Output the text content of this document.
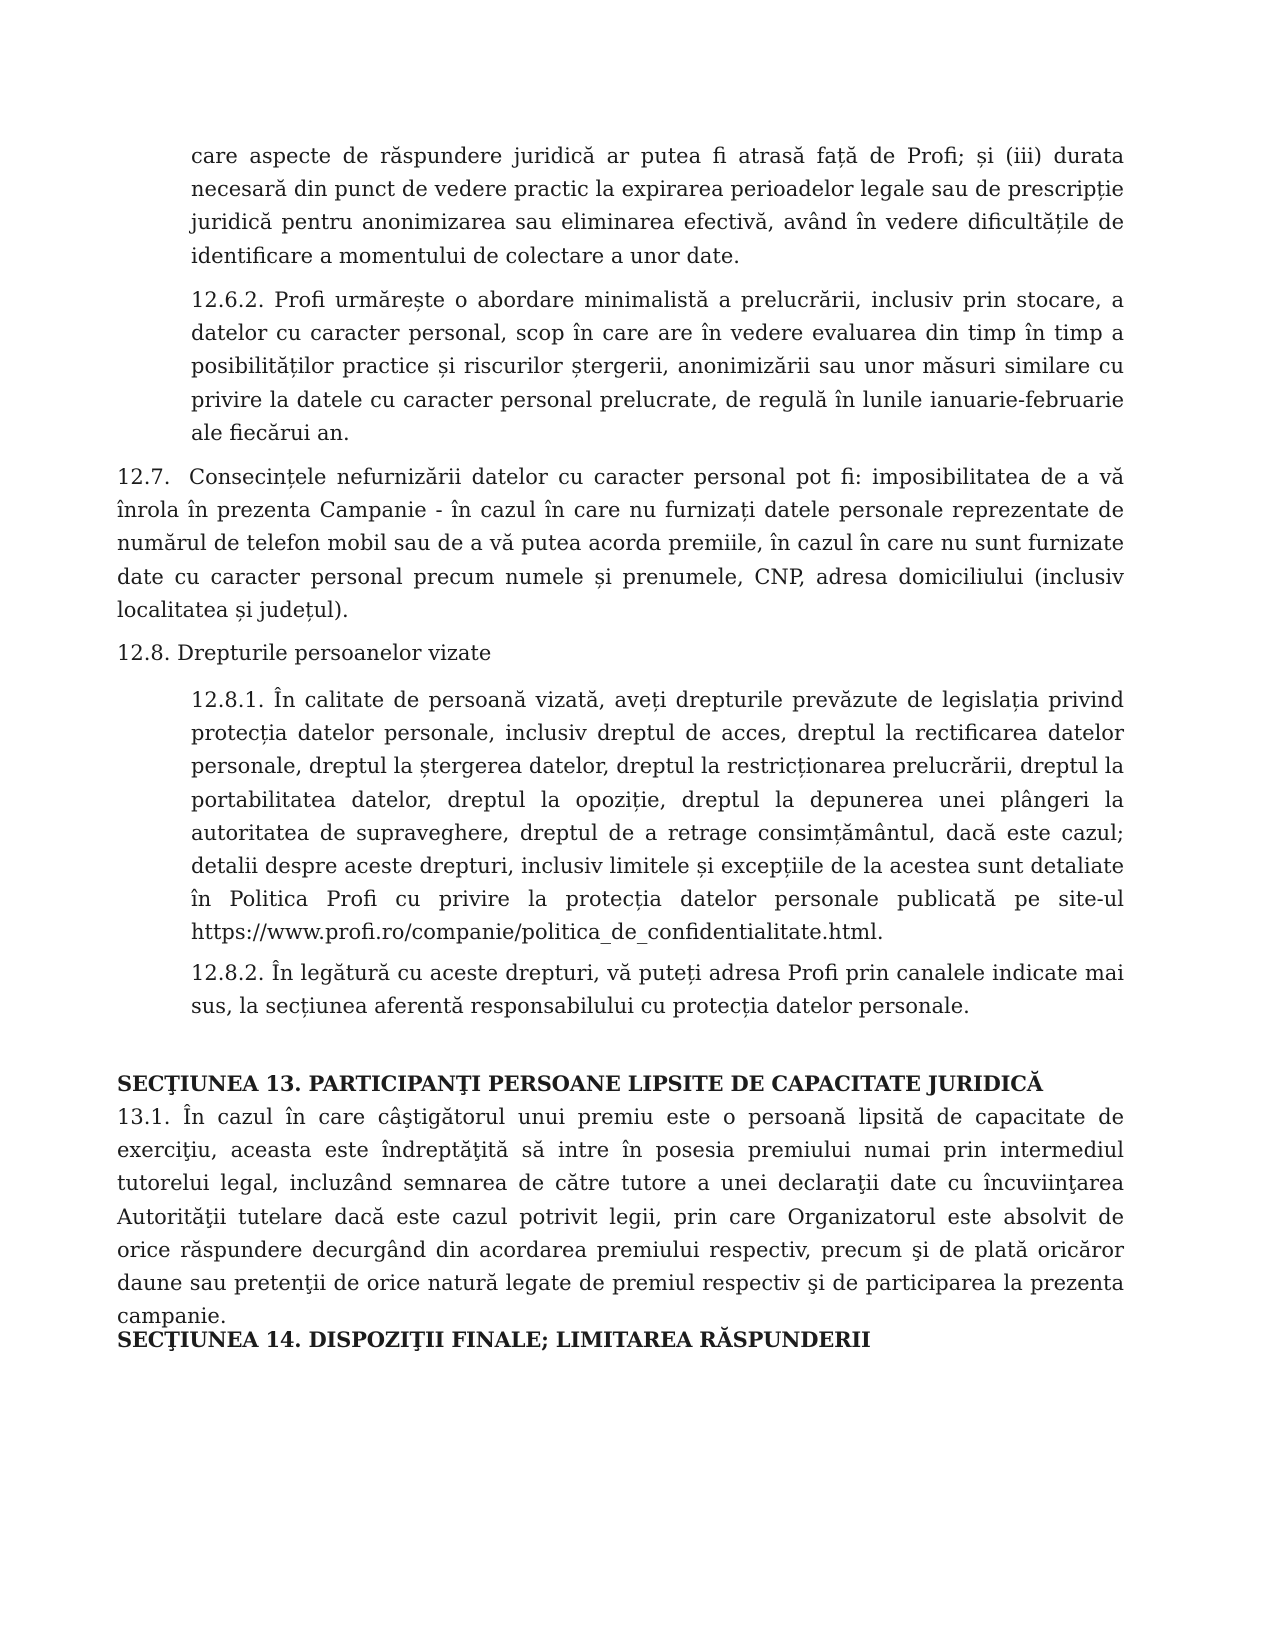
care aspecte de răspundere juridică ar putea fi atrasă față de Profi; și (iii) durata necesară din punct de vedere practic la expirarea perioadelor legale sau de prescripție juridică pentru anonimizarea sau eliminarea efectivă, având în vedere dificultățile de identificare a momentului de colectare a unor date.

12.6.2. Profi urmărește o abordare minimalistă a prelucrării, inclusiv prin stocare, a datelor cu caracter personal, scop în care are în vedere evaluarea din timp în timp a posibilităților practice și riscurilor ștergerii, anonimizării sau unor măsuri similare cu privire la datele cu caracter personal prelucrate, de regulă în lunile ianuarie-februarie ale fiecărui an.

12.7. Consecințele nefurnizării datelor cu caracter personal pot fi: imposibilitatea de a vă înrola în prezenta Campanie - în cazul în care nu furnizați datele personale reprezentate de numărul de telefon mobil sau de a vă putea acorda premiile, în cazul în care nu sunt furnizate date cu caracter personal precum numele și prenumele, CNP, adresa domiciliului (inclusiv localitatea și județul).

12.8. Drepturile persoanelor vizate

12.8.1. În calitate de persoană vizată, aveți drepturile prevăzute de legislația privind protecția datelor personale, inclusiv dreptul de acces, dreptul la rectificarea datelor personale, dreptul la ștergerea datelor, dreptul la restricționarea prelucrării, dreptul la portabilitatea datelor, dreptul la opoziție, dreptul la depunerea unei plângeri la autoritatea de supraveghere, dreptul de a retrage consimțământul, dacă este cazul; detalii despre aceste drepturi, inclusiv limitele și excepțiile de la acestea sunt detaliate în Politica Profi cu privire la protecția datelor personale publicată pe site-ul https://www.profi.ro/companie/politica_de_confidentialitate.html.

12.8.2. În legătură cu aceste drepturi, vă puteți adresa Profi prin canalele indicate mai sus, la secțiunea aferentă responsabilului cu protecția datelor personale.

SECŢIUNEA 13. PARTICIPANŢI PERSOANE LIPSITE DE CAPACITATE JURIDICĂ

13.1. În cazul în care câştigătorul unui premiu este o persoană lipsită de capacitate de exerciţiu, aceasta este îndreptăţită să intre în posesia premiului numai prin intermediul tutorelui legal, incluzând semnarea de către tutore a unei declaraţii date cu încuviinţarea Autorităţii tutelare dacă este cazul potrivit legii, prin care Organizatorul este absolvit de orice răspundere decurgând din acordarea premiului respectiv, precum şi de plată oricăror daune sau pretenţii de orice natură legate de premiul respectiv şi de participarea la prezenta campanie.

SECŢIUNEA 14. DISPOZIŢII FINALE; LIMITAREA RĂSPUNDERII
